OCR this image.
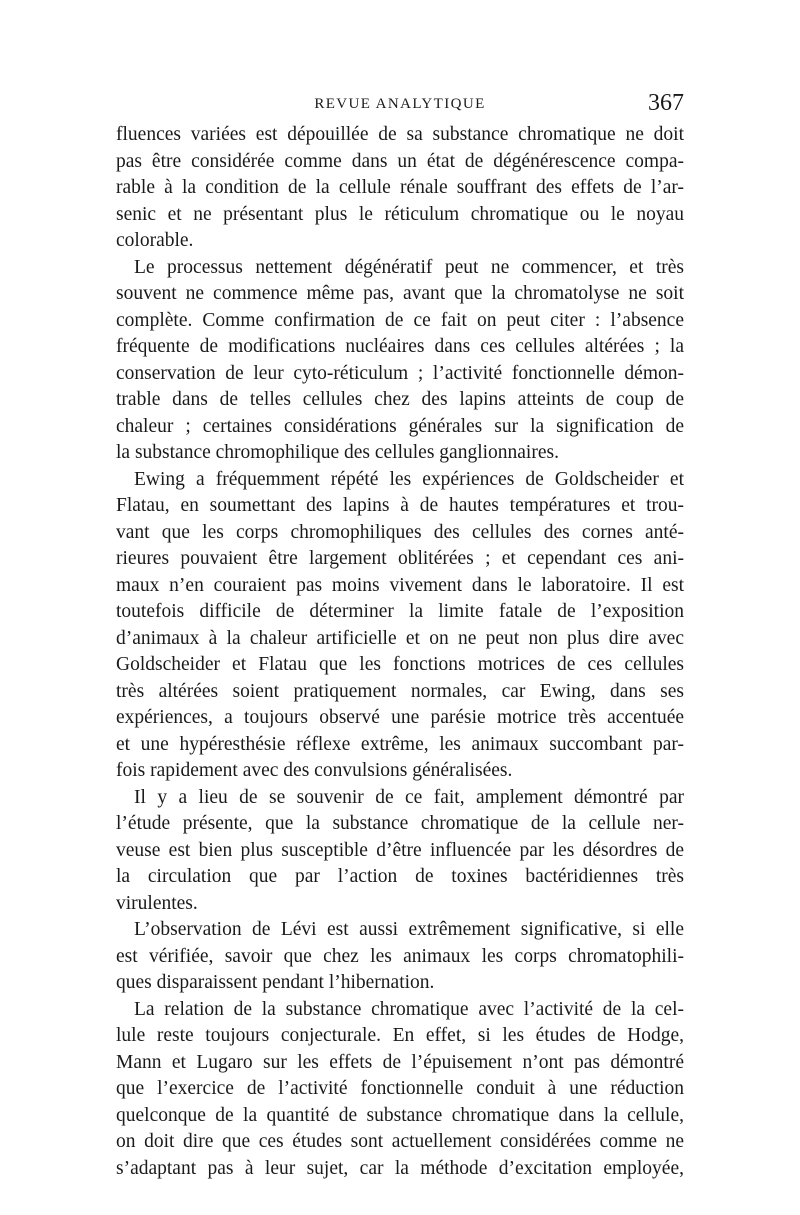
REVUE ANALYTIQUE	367
fluences variées est dépouillée de sa substance chromatique ne doit
pas être considérée comme dans un état de dégénérescence compa-
rable à la condition de la cellule rénale souffrant des effets de l’ar-
senic et ne présentant plus le réticulum chromatique ou le noyau
colorable.
Le processus nettement dégénératif peut ne commencer, et très
souvent ne commence même pas, avant que la chromatolyse ne soit
complète. Comme confirmation de ce fait on peut citer : l’absence
fréquente de modifications nucléaires dans ces cellules altérées ; la
conservation de leur cyto-réticulum ; l’activité fonctionnelle démon-
trable dans de telles cellules chez des lapins atteints de coup de
chaleur ; certaines considérations générales sur la signification de
la substance chromophilique des cellules ganglionnaires.
Ewing a fréquemment répété les expériences de Goldscheider et
Flatau, en soumettant des lapins à de hautes températures et trou-
vant que les corps chromophiliques des cellules des cornes anté-
rieures pouvaient être largement oblitérées ; et cependant ces ani-
maux n’en couraient pas moins vivement dans le laboratoire. Il est
toutefois difficile de déterminer la limite fatale de l’exposition
d’animaux à la chaleur artificielle et on ne peut non plus dire avec
Goldscheider et Flatau que les fonctions motrices de ces cellules
très altérées soient pratiquement normales, car Ewing, dans ses
expériences, a toujours observé une parésie motrice très accentuée
et une hypéresthésie réflexe extrême, les animaux succombant par-
fois rapidement avec des convulsions généralisées.
Il y a lieu de se souvenir de ce fait, amplement démontré par
l’étude présente, que la substance chromatique de la cellule ner-
veuse est bien plus susceptible d’être influencée par les désordres de
la circulation que par l’action de toxines bactéridiennes très
virulentes.
L’observation de Lévi est aussi extrêmement significative, si elle
est vérifiée, savoir que chez les animaux les corps chromatophili-
ques disparaissent pendant l’hibernation.
La relation de la substance chromatique avec l’activité de la cel-
lule reste toujours conjecturale. En effet, si les études de Hodge,
Mann et Lugaro sur les effets de l’épuisement n’ont pas démontré
que l’exercice de l’activité fonctionnelle conduit à une réduction
quelconque de la quantité de substance chromatique dans la cellule,
on doit dire que ces études sont actuellement considérées comme ne
s’adaptant pas à leur sujet, car la méthode d’excitation employée,
